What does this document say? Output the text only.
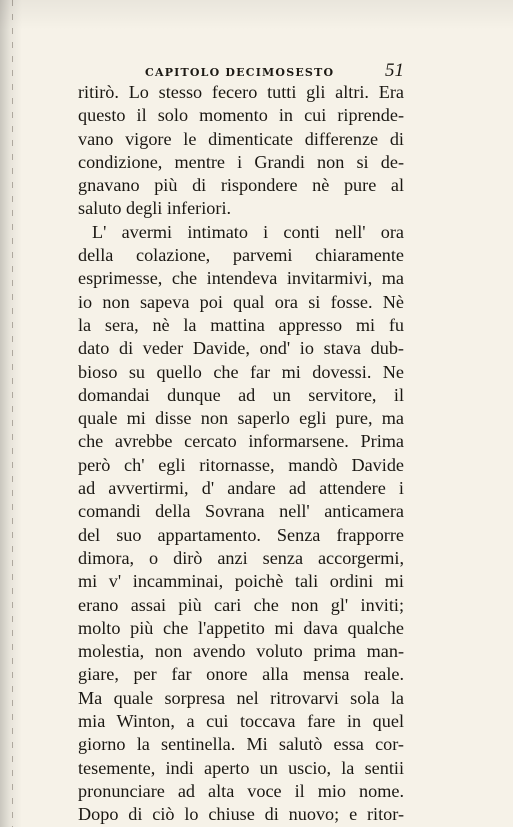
CAPITOLO DECIMOSESTO	51
ritirò. Lo stesso fecero tutti gli altri. Era
questo il solo momento in cui riprende-
vano vigore le dimenticate differenze di
condizione, mentre i Grandi non si de-
gnavano più di rispondere nè pure al
saluto degli inferiori.
L' avermi intimato i conti nell' ora
della colazione, parvemi chiaramente
esprimesse, che intendeva invitarmivi, ma
io non sapeva poi qual ora si fosse. Nè
la sera, nè la mattina appresso mi fu
dato di veder Davide, ond' io stava dub-
bioso su quello che far mi dovessi. Ne
domandai dunque ad un servitore, il
quale mi disse non saperlo egli pure, ma
che avrebbe cercato informarsene. Prima
però ch' egli ritornasse, mandò Davide
ad avvertirmi, d' andare ad attendere i
comandi della Sovrana nell' anticamera
del suo appartamento. Senza frapporre
dimora, o dirò anzi senza accorgermi,
mi v' incamminai, poichè tali ordini mi
erano assai più cari che non gl' inviti;
molto più che l'appetito mi dava qualche
molestia, non avendo voluto prima man-
giare, per far onore alla mensa reale.
Ma quale sorpresa nel ritrovarvi sola la
mia Winton, a cui toccava fare in quel
giorno la sentinella. Mi salutò essa cor-
tesemente, indi aperto un uscio, la sentii
pronunciare ad alta voce il mio nome.
Dopo di ciò lo chiuse di nuovo; e ritor-
